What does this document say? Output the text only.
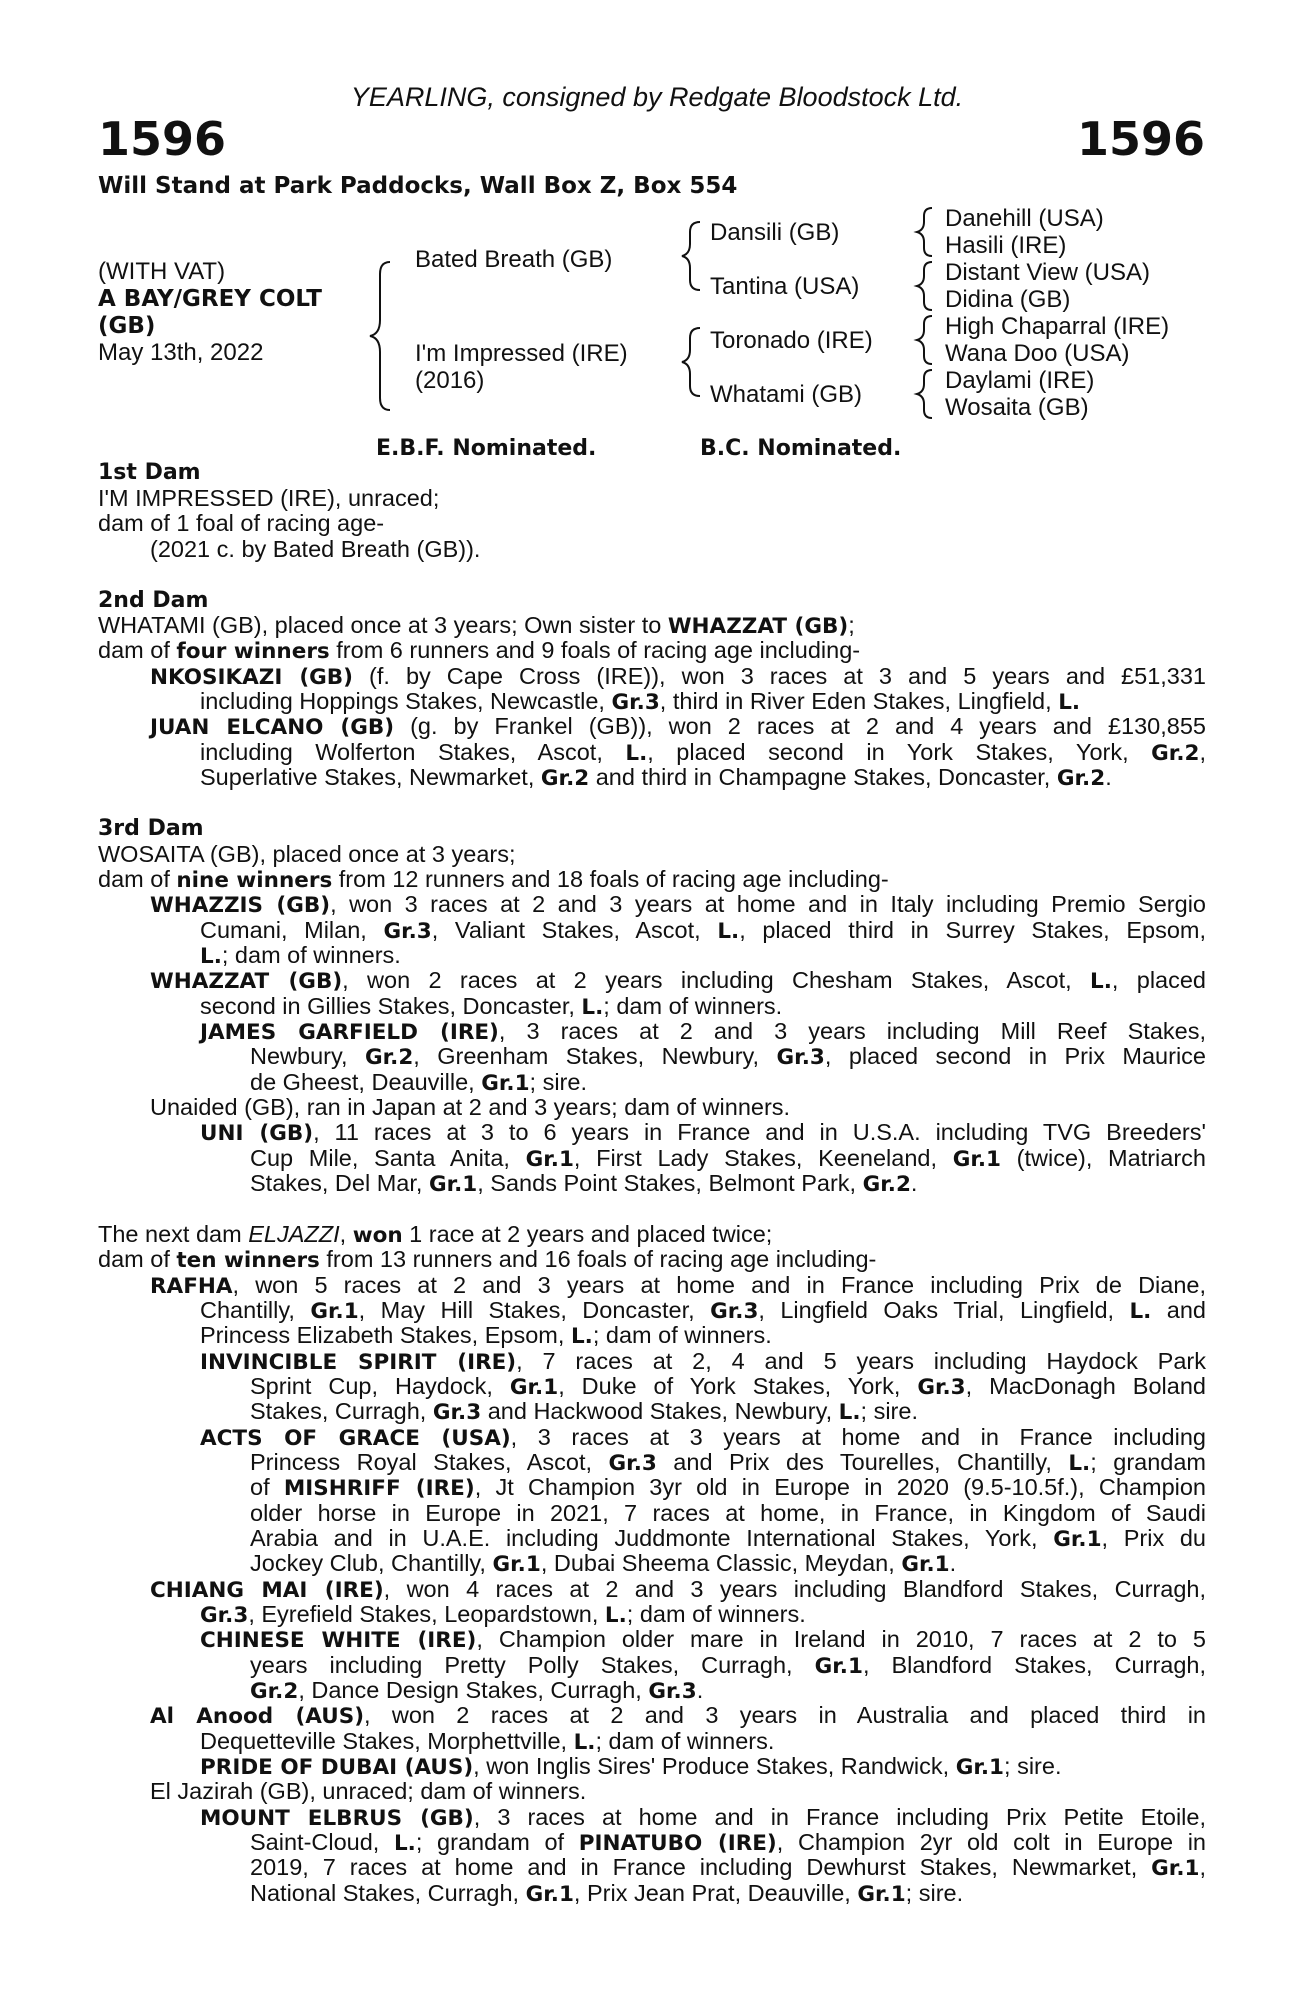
YEARLING, consigned by Redgate Bloodstock Ltd.
1596	1596
Will Stand at Park Paddocks, Wall Box Z, Box 554
(WITH VAT)
A BAY/GREY COLT
(GB)
May 13th, 2022
Bated Breath (GB)
I'm Impressed (IRE)
(2016)
Dansili (GB)
Tantina (USA)
Toronado (IRE)
Whatami (GB)
Danehill (USA)
Hasili (IRE)
Distant View (USA)
Didina (GB)
High Chaparral (IRE)
Wana Doo (USA)
Daylami (IRE)
Wosaita (GB)
E.B.F. Nominated.	B.C. Nominated.
1st Dam
I'M IMPRESSED (IRE), unraced;
dam of 1 foal of racing age-
(2021 c. by Bated Breath (GB)).
2nd Dam
WHATAMI (GB), placed once at 3 years; Own sister to WHAZZAT (GB);
dam of four winners from 6 runners and 9 foals of racing age including-
NKOSIKAZI (GB) (f. by Cape Cross (IRE)), won 3 races at 3 and 5 years and £51,331
including Hoppings Stakes, Newcastle, Gr.3, third in River Eden Stakes, Lingfield, L.
JUAN ELCANO (GB) (g. by Frankel (GB)), won 2 races at 2 and 4 years and £130,855
including Wolferton Stakes, Ascot, L., placed second in York Stakes, York, Gr.2,
Superlative Stakes, Newmarket, Gr.2 and third in Champagne Stakes, Doncaster, Gr.2.
3rd Dam
WOSAITA (GB), placed once at 3 years;
dam of nine winners from 12 runners and 18 foals of racing age including-
WHAZZIS (GB), won 3 races at 2 and 3 years at home and in Italy including Premio Sergio
Cumani, Milan, Gr.3, Valiant Stakes, Ascot, L., placed third in Surrey Stakes, Epsom,
L.; dam of winners.
WHAZZAT (GB), won 2 races at 2 years including Chesham Stakes, Ascot, L., placed
second in Gillies Stakes, Doncaster, L.; dam of winners.
JAMES GARFIELD (IRE), 3 races at 2 and 3 years including Mill Reef Stakes,
Newbury, Gr.2, Greenham Stakes, Newbury, Gr.3, placed second in Prix Maurice
de Gheest, Deauville, Gr.1; sire.
Unaided (GB), ran in Japan at 2 and 3 years; dam of winners.
UNI (GB), 11 races at 3 to 6 years in France and in U.S.A. including TVG Breeders'
Cup Mile, Santa Anita, Gr.1, First Lady Stakes, Keeneland, Gr.1 (twice), Matriarch
Stakes, Del Mar, Gr.1, Sands Point Stakes, Belmont Park, Gr.2.
The next dam ELJAZZI, won 1 race at 2 years and placed twice;
dam of ten winners from 13 runners and 16 foals of racing age including-
RAFHA, won 5 races at 2 and 3 years at home and in France including Prix de Diane,
Chantilly, Gr.1, May Hill Stakes, Doncaster, Gr.3, Lingfield Oaks Trial, Lingfield, L. and
Princess Elizabeth Stakes, Epsom, L.; dam of winners.
INVINCIBLE SPIRIT (IRE), 7 races at 2, 4 and 5 years including Haydock Park
Sprint Cup, Haydock, Gr.1, Duke of York Stakes, York, Gr.3, MacDonagh Boland
Stakes, Curragh, Gr.3 and Hackwood Stakes, Newbury, L.; sire.
ACTS OF GRACE (USA), 3 races at 3 years at home and in France including
Princess Royal Stakes, Ascot, Gr.3 and Prix des Tourelles, Chantilly, L.; grandam
of MISHRIFF (IRE), Jt Champion 3yr old in Europe in 2020 (9.5-10.5f.), Champion
older horse in Europe in 2021, 7 races at home, in France, in Kingdom of Saudi
Arabia and in U.A.E. including Juddmonte International Stakes, York, Gr.1, Prix du
Jockey Club, Chantilly, Gr.1, Dubai Sheema Classic, Meydan, Gr.1.
CHIANG MAI (IRE), won 4 races at 2 and 3 years including Blandford Stakes, Curragh,
Gr.3, Eyrefield Stakes, Leopardstown, L.; dam of winners.
CHINESE WHITE (IRE), Champion older mare in Ireland in 2010, 7 races at 2 to 5
years including Pretty Polly Stakes, Curragh, Gr.1, Blandford Stakes, Curragh,
Gr.2, Dance Design Stakes, Curragh, Gr.3.
Al Anood (AUS), won 2 races at 2 and 3 years in Australia and placed third in
Dequetteville Stakes, Morphettville, L.; dam of winners.
PRIDE OF DUBAI (AUS), won Inglis Sires' Produce Stakes, Randwick, Gr.1; sire.
El Jazirah (GB), unraced; dam of winners.
MOUNT ELBRUS (GB), 3 races at home and in France including Prix Petite Etoile,
Saint-Cloud, L.; grandam of PINATUBO (IRE), Champion 2yr old colt in Europe in
2019, 7 races at home and in France including Dewhurst Stakes, Newmarket, Gr.1,
National Stakes, Curragh, Gr.1, Prix Jean Prat, Deauville, Gr.1; sire.
